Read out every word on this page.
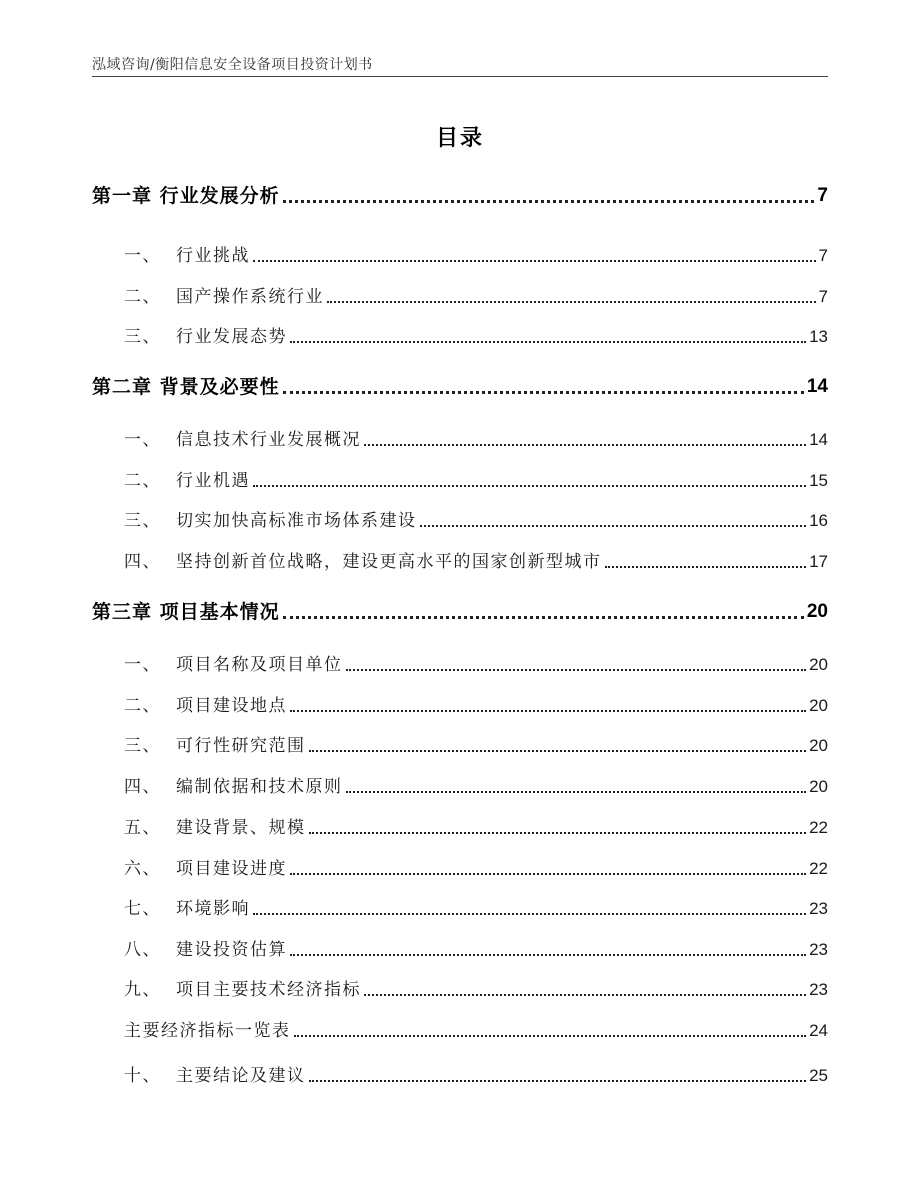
泓域咨询/衡阳信息安全设备项目投资计划书
目录
第一章 行业发展分析	7
一、 行业挑战	7
二、 国产操作系统行业	7
三、 行业发展态势	13
第二章 背景及必要性	14
一、 信息技术行业发展概况	14
二、 行业机遇	15
三、 切实加快高标准市场体系建设	16
四、 坚持创新首位战略，建设更高水平的国家创新型城市	17
第三章 项目基本情况	20
一、 项目名称及项目单位	20
二、 项目建设地点	20
三、 可行性研究范围	20
四、 编制依据和技术原则	20
五、 建设背景、规模	22
六、 项目建设进度	22
七、 环境影响	23
八、 建设投资估算	23
九、 项目主要技术经济指标	23
主要经济指标一览表	24
十、 主要结论及建议	25
